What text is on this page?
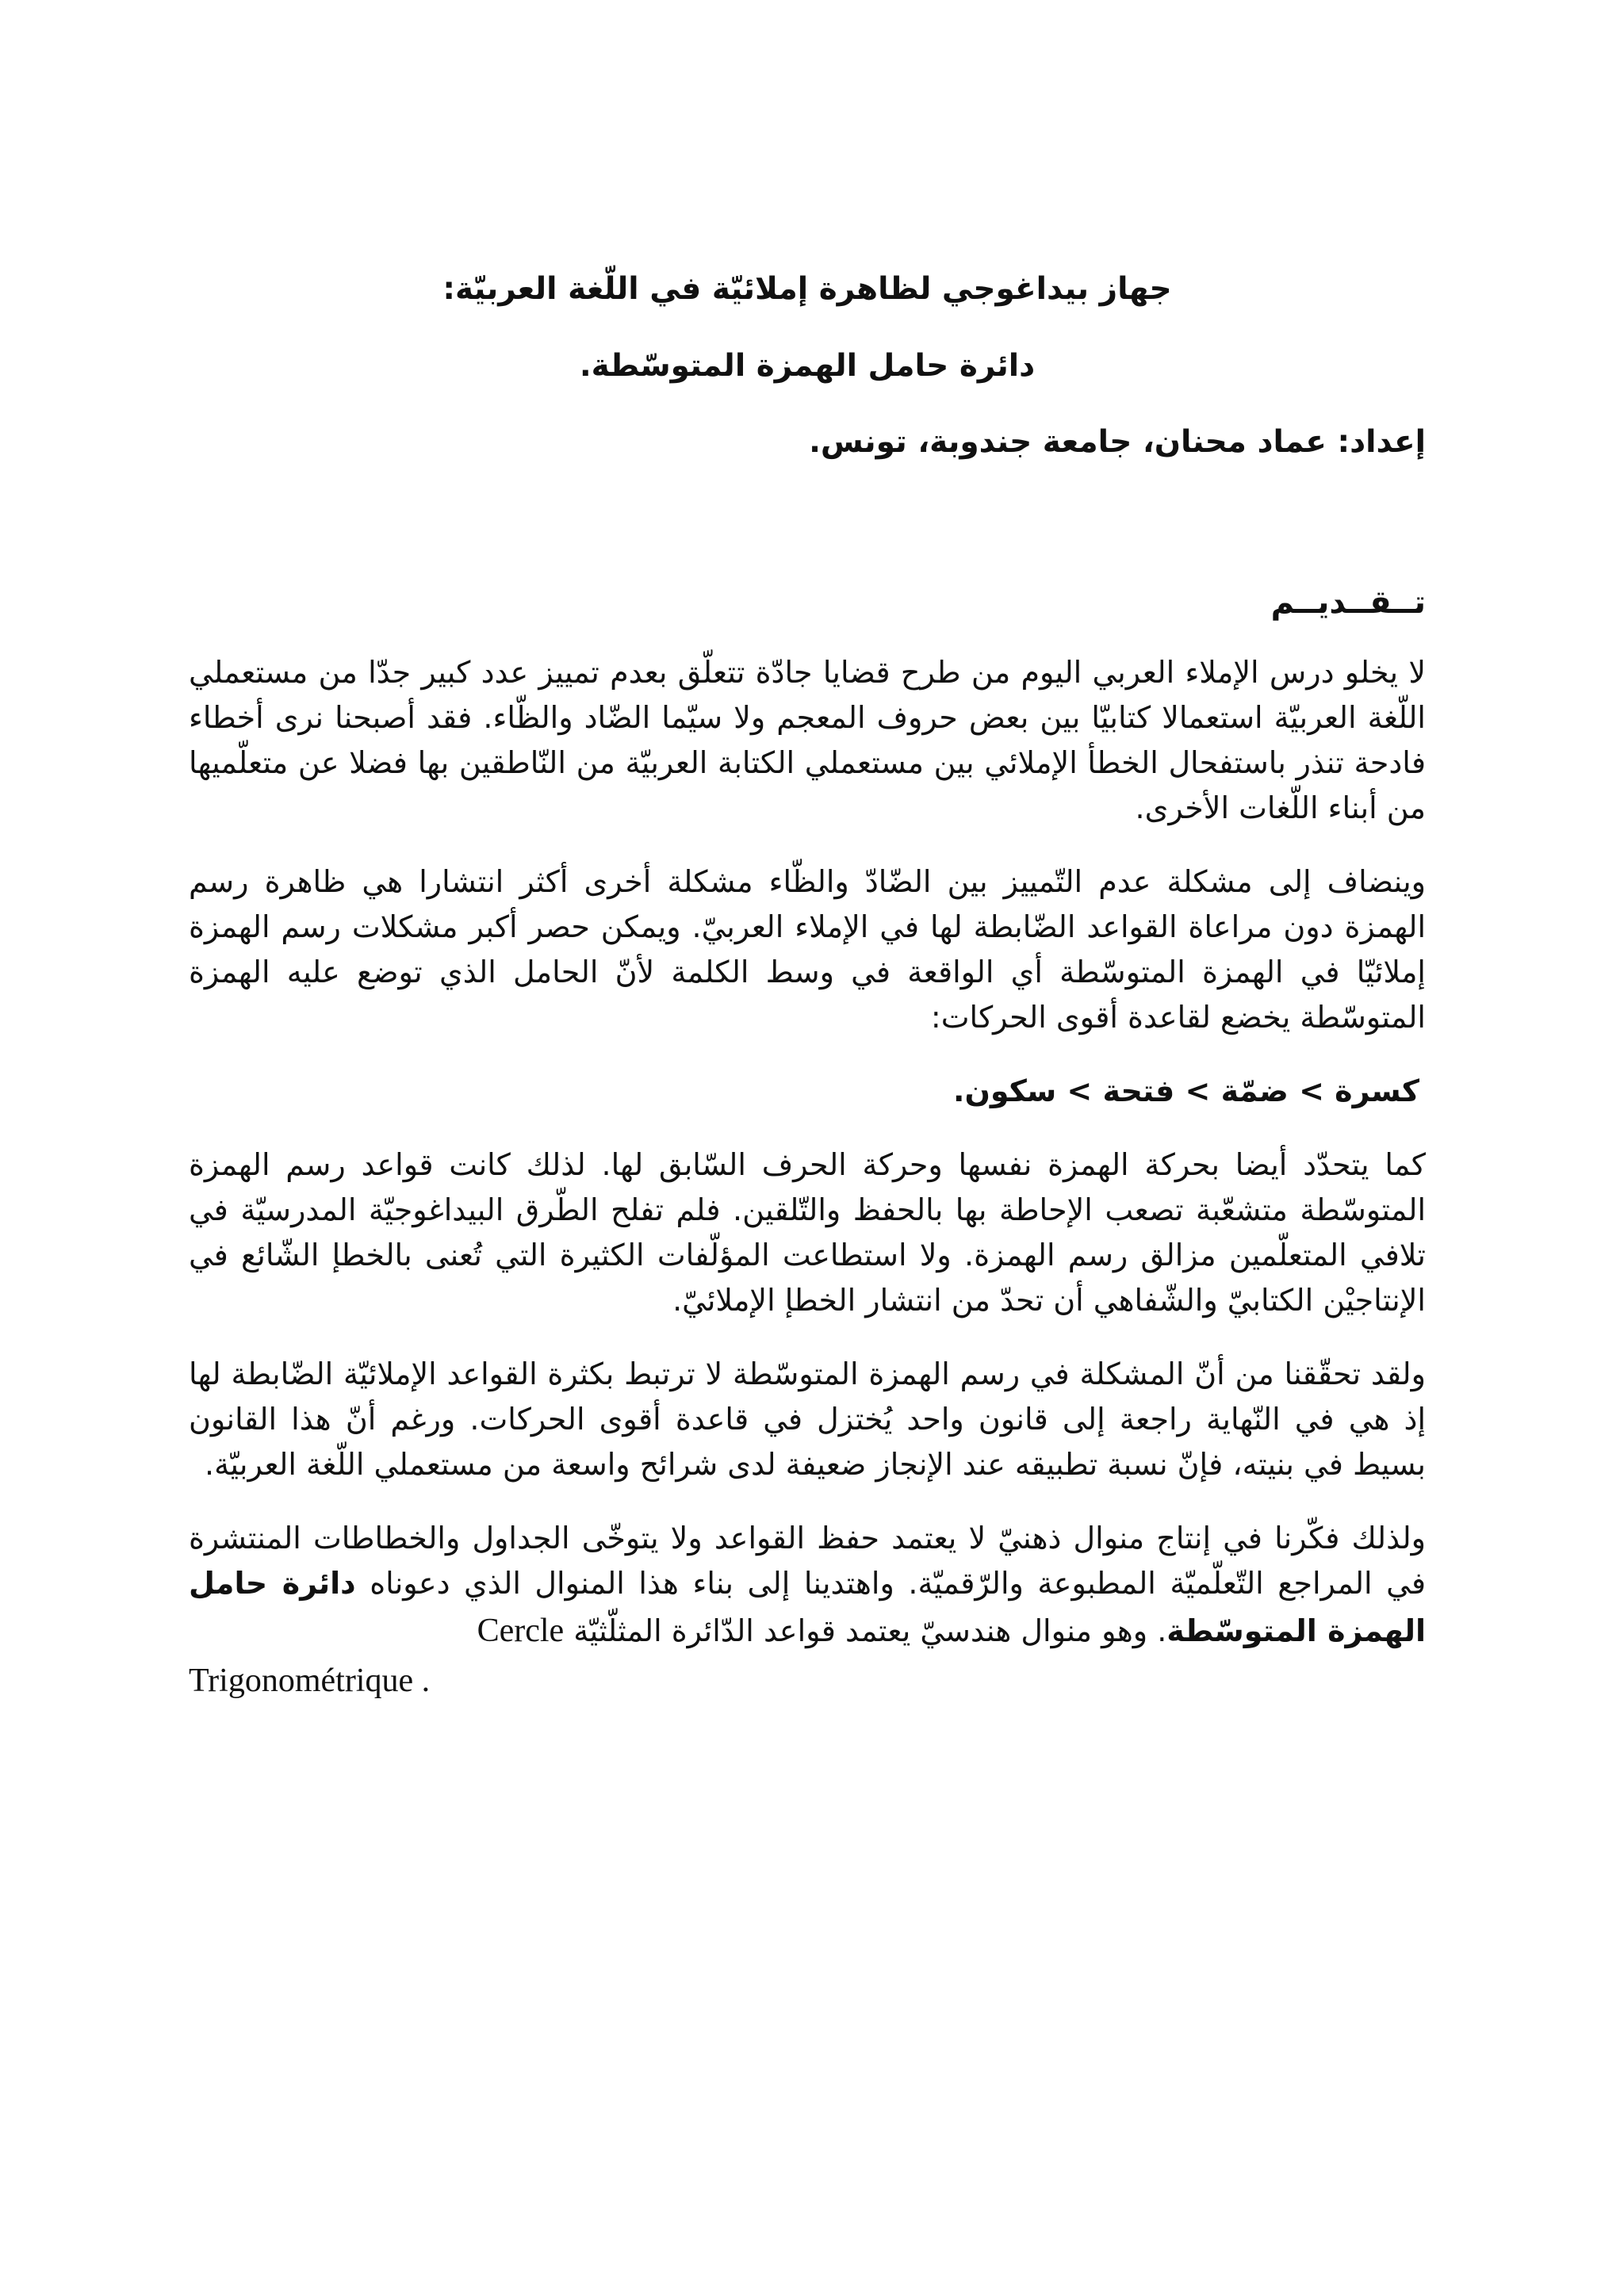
جهاز بيداغوجي لظاهرة إملائيّة في اللّغة العربيّة:
دائرة حامل الهمزة المتوسّطة.
إعداد: عماد محنان، جامعة جندوبة، تونس.
تــقــديــم

لا يخلو درس الإملاء العربي اليوم من طرح قضايا جادّة تتعلّق بعدم تمييز عدد كبير جدّا من مستعملي اللّغة العربيّة استعمالا كتابيّا بين بعض حروف المعجم ولا سيّما الضّاد والظّاء. فقد أصبحنا نرى أخطاء فادحة تنذر باستفحال الخطأ الإملائي بين مستعملي الكتابة العربيّة من النّاطقين بها فضلا عن متعلّميها من أبناء اللّغات الأخرى.

وينضاف إلى مشكلة عدم التّمييز بين الضّادّ والظّاء مشكلة أخرى أكثر انتشارا هي ظاهرة رسم الهمزة دون مراعاة القواعد الضّابطة لها في الإملاء العربيّ. ويمكن حصر أكبر مشكلات رسم الهمزة إملائيّا في الهمزة المتوسّطة أي الواقعة في وسط الكلمة لأنّ الحامل الذي توضع عليه الهمزة المتوسّطة يخضع لقاعدة أقوى الحركات:

كسرة > ضمّة > فتحة > سكون.

كما يتحدّد أيضا بحركة الهمزة نفسها وحركة الحرف السّابق لها. لذلك كانت قواعد رسم الهمزة المتوسّطة متشعّبة تصعب الإحاطة بها بالحفظ والتّلقين. فلم تفلح الطّرق البيداغوجيّة المدرسيّة في تلافي المتعلّمين مزالق رسم الهمزة. ولا استطاعت المؤلّفات الكثيرة التي تُعنى بالخطإ الشّائع في الإنتاجيْن الكتابيّ والشّفاهي أن تحدّ من انتشار الخطإ الإملائيّ.

ولقد تحقّقنا من أنّ المشكلة في رسم الهمزة المتوسّطة لا ترتبط بكثرة القواعد الإملائيّة الضّابطة لها إذ هي في النّهاية راجعة إلى قانون واحد يُختزل في قاعدة أقوى الحركات. ورغم أنّ هذا القانون بسيط في بنيته، فإنّ نسبة تطبيقه عند الإنجاز ضعيفة لدى شرائح واسعة من مستعملي اللّغة العربيّة.

ولذلك فكّرنا في إنتاج منوال ذهنيّ لا يعتمد حفظ القواعد ولا يتوخّى الجداول والخطاطات المنتشرة في المراجع التّعلّميّة المطبوعة والرّقميّة. واهتدينا إلى بناء هذا المنوال الذي دعوناه دائرة حامل الهمزة المتوسّطة. وهو منوال هندسيّ يعتمد قواعد الدّائرة المثلّثيّة Cercle

Trigonométrique .
